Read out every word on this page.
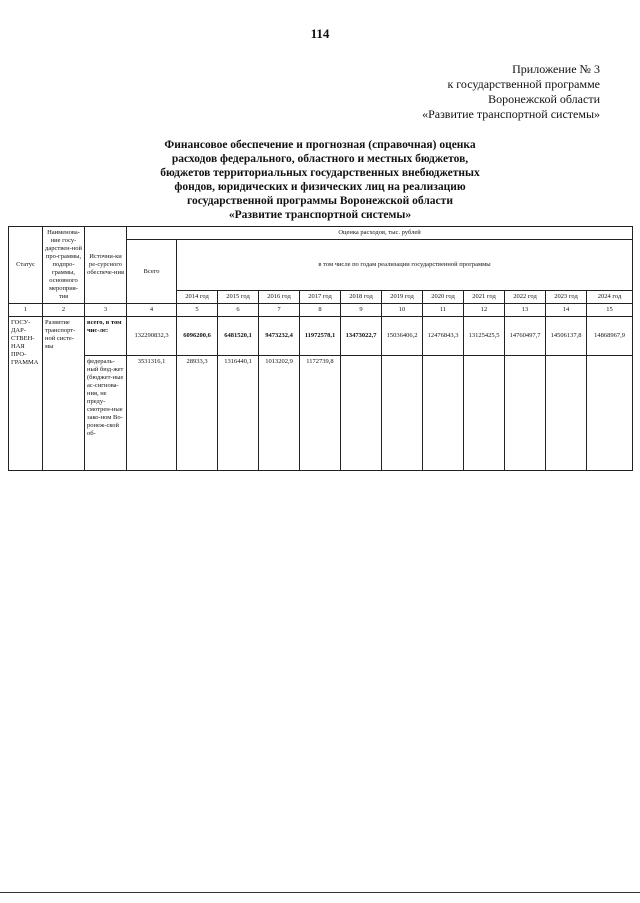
114
Приложение № 3
к государственной программе
Воронежской области
«Развитие транспортной системы»
Финансовое обеспечение и прогнозная (справочная) оценка
расходов федерального, областного и местных бюджетов,
бюджетов территориальных государственных внебюджетных
фондов, юридических и физических лиц на реализацию
государственной программы Воронежской области
«Развитие транспортной системы»
Статус	Наименова-ние госу-дарствен-ной про-граммы, подпро-граммы, основного мероприя-тия	Источни-ки ре-сурсного обеспече-ния	Оценка расходов, тыс. рублей											
			Всего	в том числе по годам реализации государственной программы										
				2014 год	2015 год	2016 год	2017 год	2018 год	2019 год	2020 год	2021 год	2022 год	2023 год	2024 год
1	2	3	4	5	6	7	8	9	10	11	12	13	14	15
ГОСУ-ДАР-СТВЕН-НАЯ ПРО-ГРАММА	Развитие транспорт-ной систе-мы	всего, в том чис-ле:	132290832,3	6096200,6	6481520,1	9473232,4	11972578,1	13473022,7	15036406,2	12476843,3	13125425,5	14760497,7	14506137,8	14868967,9
		федераль-ный бюд-жет (бюджет-ные ас-сигнова-ния, не преду-смотрен-ные зако-ном Во-ронеж-ской об-	3531316,1	28933,3	1316440,1	1013202,9	1172739,8							
